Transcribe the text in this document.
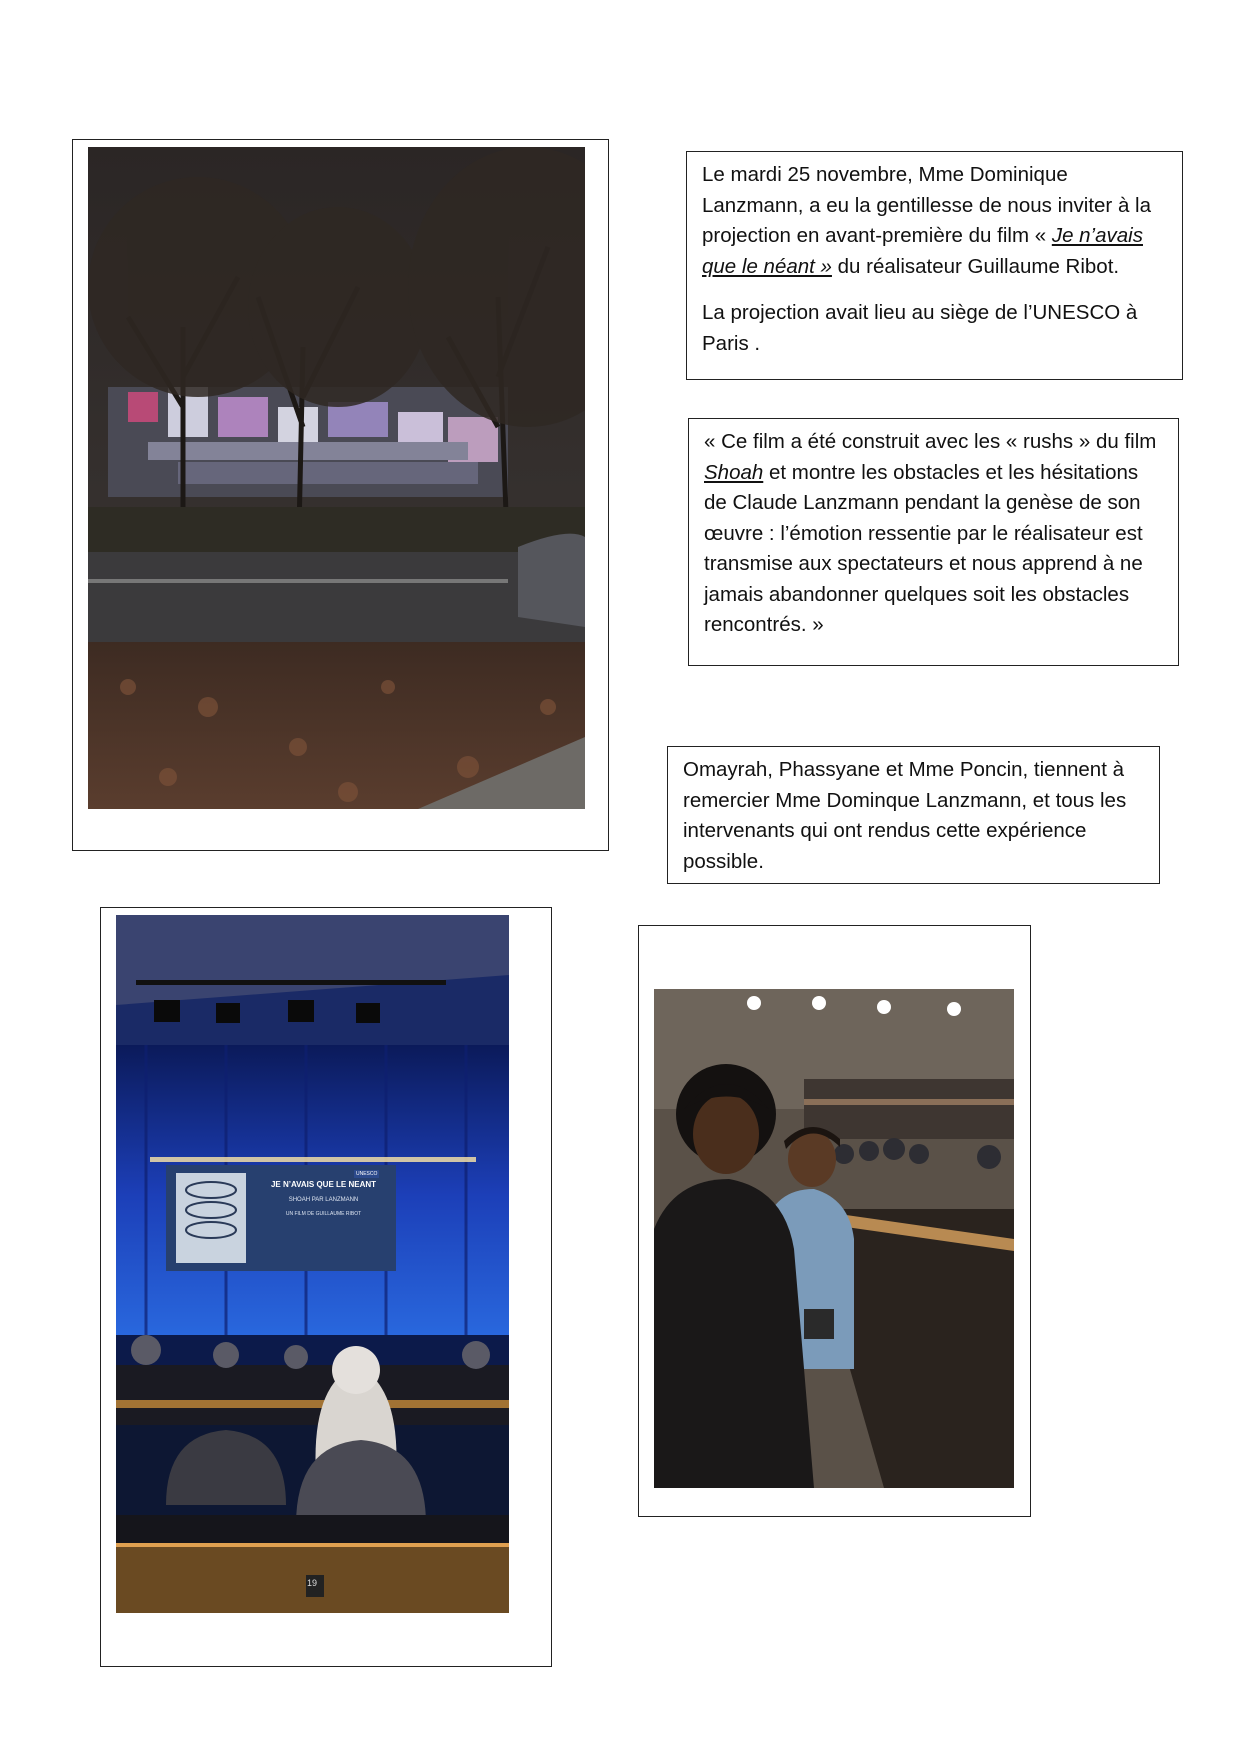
Le mardi 25 novembre, Mme Dominique Lanzmann, a eu la gentillesse de nous inviter à la projection en avant-première du film « Je n’avais que le néant » du réalisateur Guillaume Ribot.

La projection avait lieu au siège de l’UNESCO à Paris .

« Ce film a été construit avec les « rushs » du film Shoah et montre les obstacles et les hésitations de Claude Lanzmann pendant la genèse de son œuvre : l’émotion ressentie par le réalisateur est transmise aux spectateurs et nous apprend à ne jamais abandonner quelques soit les obstacles rencontrés. »

Omayrah, Phassyane et Mme Poncin, tiennent à remercier Mme Dominque Lanzmann, et tous les intervenants qui ont rendus cette expérience possible.

JE N’AVAIS QUE LE NEANT
SHOAH PAR LANZMANN
UN FILM DE GUILLAUME RIBOT
UNESCO
19
